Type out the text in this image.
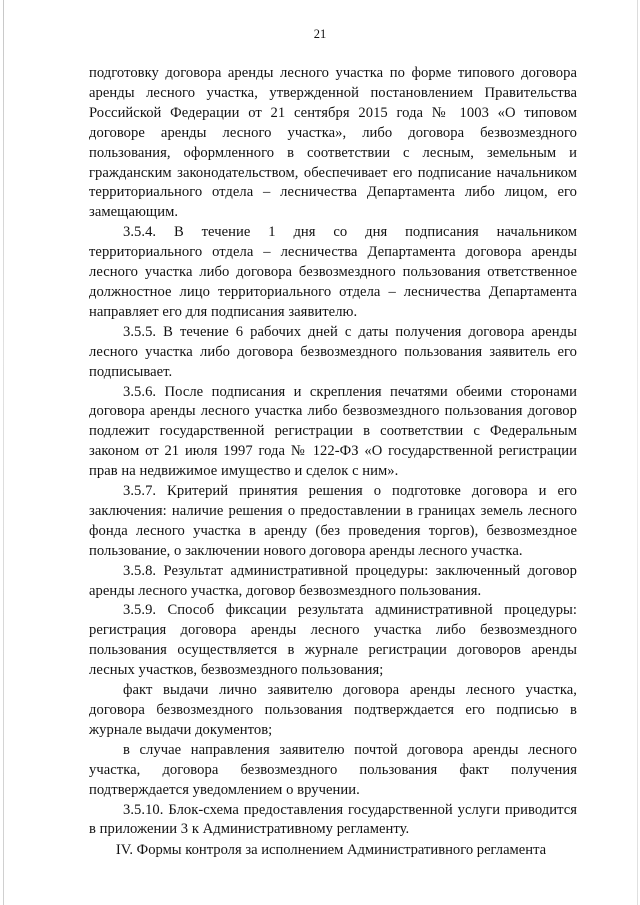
21

подготовку договора аренды лесного участка по форме типового договора аренды лесного участка, утвержденной постановлением Правительства Российской Федерации от 21 сентября 2015 года № 1003 «О типовом договоре аренды лесного участка», либо договора безвозмездного пользования, оформленного в соответствии с лесным, земельным и гражданским законодательством, обеспечивает его подписание начальником территориального отдела – лесничества Департамента либо лицом, его замещающим.

3.5.4. В течение 1 дня со дня подписания начальником территориального отдела – лесничества Департамента договора аренды лесного участка либо договора безвозмездного пользования ответственное должностное лицо территориального отдела – лесничества Департамента направляет его для подписания заявителю.

3.5.5. В течение 6 рабочих дней с даты получения договора аренды лесного участка либо договора безвозмездного пользования заявитель его подписывает.

3.5.6. После подписания и скрепления печатями обеими сторонами договора аренды лесного участка либо безвозмездного пользования договор подлежит государственной регистрации в соответствии с Федеральным законом от 21 июля 1997 года № 122-ФЗ «О государственной регистрации прав на недвижимое имущество и сделок с ним».

3.5.7. Критерий принятия решения о подготовке договора и его заключения: наличие решения о предоставлении в границах земель лесного фонда лесного участка в аренду (без проведения торгов), безвозмездное пользование, о заключении нового договора аренды лесного участка.

3.5.8. Результат административной процедуры: заключенный договор аренды лесного участка, договор безвозмездного пользования.

3.5.9. Способ фиксации результата административной процедуры: регистрация договора аренды лесного участка либо безвозмездного пользования осуществляется в журнале регистрации договоров аренды лесных участков, безвозмездного пользования;

факт выдачи лично заявителю договора аренды лесного участка, договора безвозмездного пользования подтверждается его подписью в журнале выдачи документов;

в случае направления заявителю почтой договора аренды лесного участка, договора безвозмездного пользования факт получения подтверждается уведомлением о вручении.

3.5.10. Блок-схема предоставления государственной услуги приводится в приложении 3 к Административному регламенту.

IV. Формы контроля за исполнением Административного регламента
